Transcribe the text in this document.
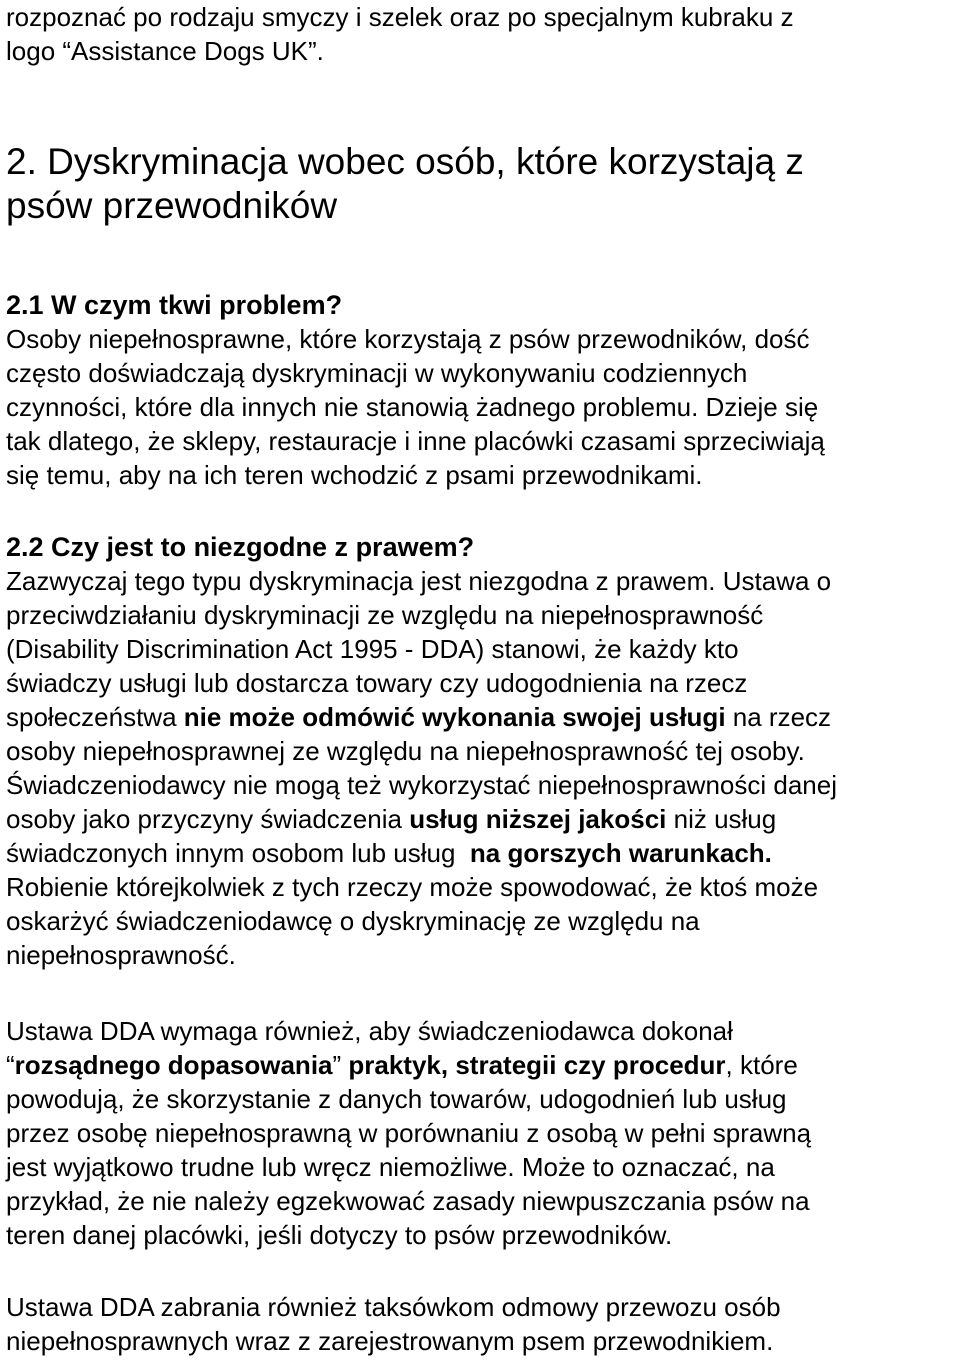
rozpoznać po rodzaju smyczy i szelek oraz po specjalnym kubraku z
logo “Assistance Dogs UK”.
2. Dyskryminacja wobec osób, które korzystają z
psów przewodników
2.1 W czym tkwi problem?
Osoby niepełnosprawne, które korzystają z psów przewodników, dość
często doświadczają dyskryminacji w wykonywaniu codziennych
czynności, które dla innych nie stanowią żadnego problemu. Dzieje się
tak dlatego, że sklepy, restauracje i inne placówki czasami sprzeciwiają
się temu, aby na ich teren wchodzić z psami przewodnikami.
2.2 Czy jest to niezgodne z prawem?
Zazwyczaj tego typu dyskryminacja jest niezgodna z prawem. Ustawa o
przeciwdziałaniu dyskryminacji ze względu na niepełnosprawność
(Disability Discrimination Act 1995 - DDA) stanowi, że każdy kto
świadczy usługi lub dostarcza towary czy udogodnienia na rzecz
społeczeństwa nie może odmówić wykonania swojej usługi na rzecz
osoby niepełnosprawnej ze względu na niepełnosprawność tej osoby.
Świadczeniodawcy nie mogą też wykorzystać niepełnosprawności danej
osoby jako przyczyny świadczenia usług niższej jakości niż usług
świadczonych innym osobom lub usług  na gorszych warunkach.
Robienie którejkolwiek z tych rzeczy może spowodować, że ktoś może
oskarżyć świadczeniodawcę o dyskryminację ze względu na
niepełnosprawność.
Ustawa DDA wymaga również, aby świadczeniodawca dokonał
“rozsądnego dopasowania” praktyk, strategii czy procedur, które
powodują, że skorzystanie z danych towarów, udogodnień lub usług
przez osobę niepełnosprawną w porównaniu z osobą w pełni sprawną
jest wyjątkowo trudne lub wręcz niemożliwe. Może to oznaczać, na
przykład, że nie należy egzekwować zasady niewpuszczania psów na
teren danej placówki, jeśli dotyczy to psów przewodników.
Ustawa DDA zabrania również taksówkom odmowy przewozu osób
niepełnosprawnych wraz z zarejestrowanym psem przewodnikiem.
